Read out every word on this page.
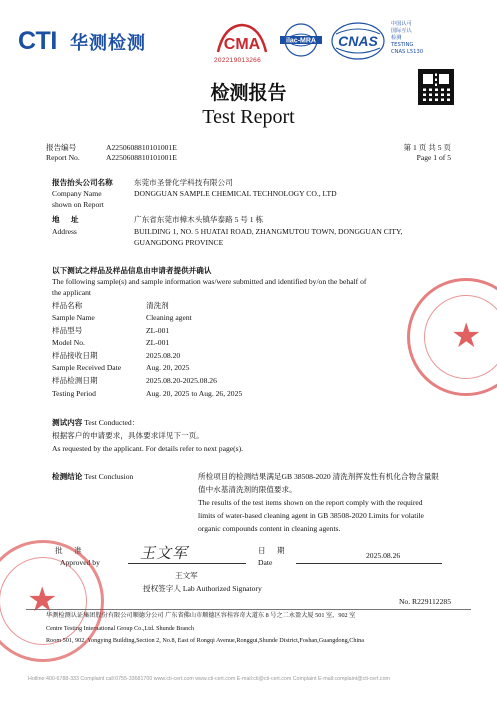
CTI 华测检测	CMA
202219013266
ilac-MRA CNAS
中国认可
国际互认
检测
TESTING
CNAS L5130
检测报告
Test Report
报告编号	A2250608810101001E
Report No.	A2250608810101001E
第 1 页 共 5 页
Page 1 of 5
报告抬头公司名称	东莞市圣誉化学科技有限公司
Company Name	DONGGUAN SAMPLE CHEMICAL TECHNOLOGY CO., LTD
shown on Report
地      址	广东省东莞市樟木头镇华泰路 5 号 1 栋
Address	BUILDING 1, NO. 5 HUATAI ROAD, ZHANGMUTOU TOWN, DONGGUAN CITY,
GUANGDONG PROVINCE
以下测试之样品及样品信息由申请者提供并确认
The following sample(s) and sample information was/were submitted and identified by/on the behalf of
the applicant
样品名称	清洗剂
Sample Name	Cleaning agent
样品型号	ZL-001
Model No.	ZL-001
样品接收日期	2025.08.20
Sample Received Date	Aug. 20, 2025
样品检测日期	2025.08.20-2025.08.26
Testing Period	Aug. 20, 2025 to Aug. 26, 2025
测试内容 Test Conducted：
根据客户的申请要求，具体要求详见下一页。
As requested by the applicant. For details refer to next page(s).
检测结论 Test Conclusion	所检项目的检测结果满足GB 38508-2020 清洗剂挥发性有机化合物含量限
值中水基清洗剂的限值要求。
The results of the test items shown on the report comply with the required
limits of water-based cleaning agent in GB 38508-2020 Limits for volatile
organic compounds content in cleaning agents.
批      准
Approved by
王文军	日      期
Date
2025.08.26
王文军
授权签字人 Lab Authorized Signatory
No. R229112285
华测检测认证集团股份有限公司顺德分公司 广东省佛山市顺德区容桂容奇大道东 8 号之二永盈大厦 501 室、902 室
Centre Testing International Group Co.,Ltd. Shunde Branch
Room 501, 902, Yongying Building,Section 2, No.8, East of Rongqi Avenue,Ronggui,Shunde District,Foshan,Guangdong,China
Hotline:400-6788-333 Complaint call:0755-33681700 www.cti-cert.com www.cti-cert.com E-mail:cti@cti-cert.com Complaint E-mail:complaint@cti-cert.com
★
★
